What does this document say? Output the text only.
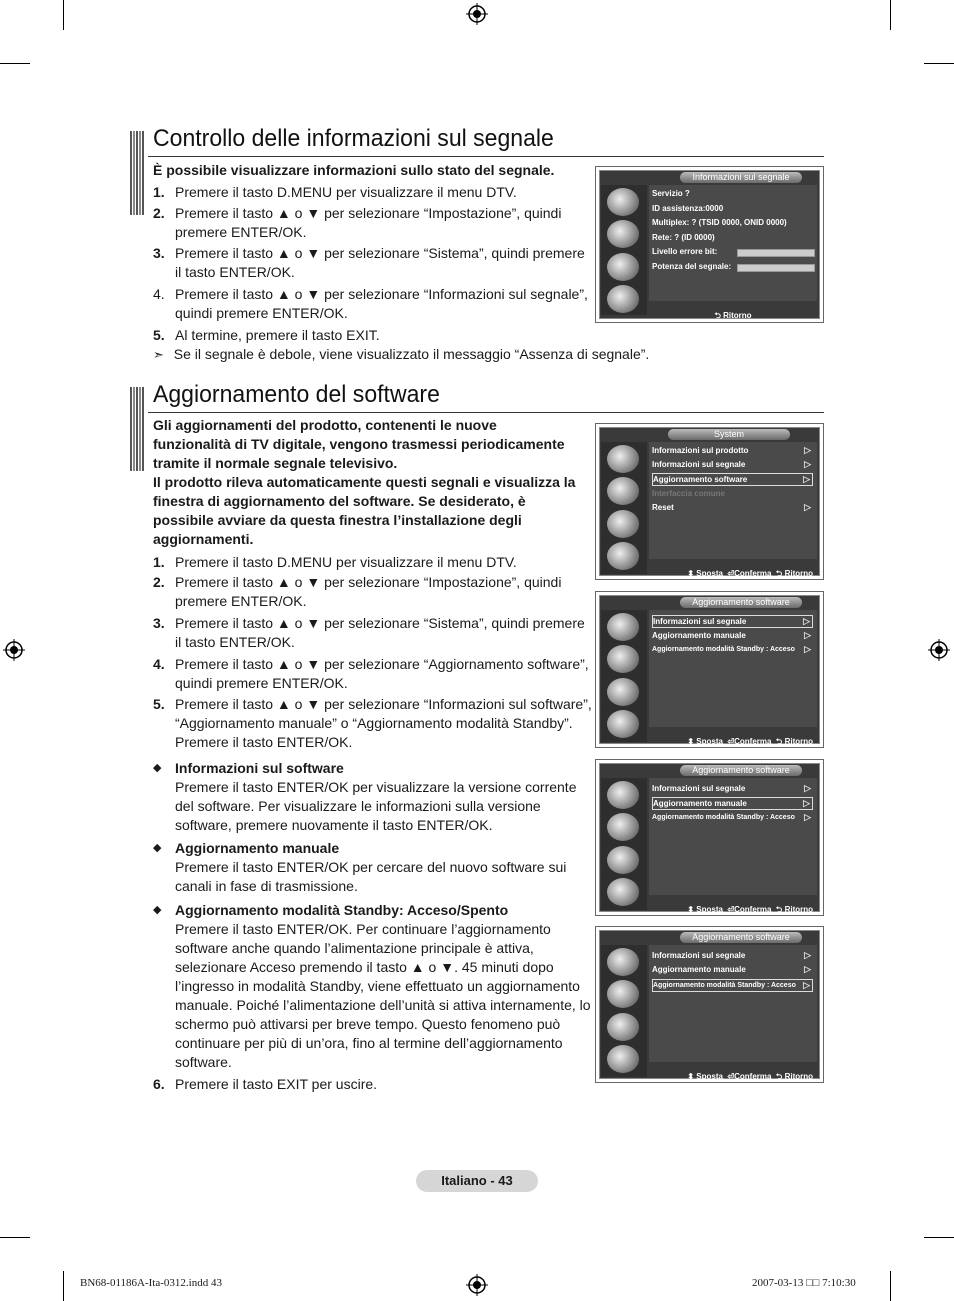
Controllo delle informazioni sul segnale
È possibile visualizzare informazioni sullo stato del segnale.
1. Premere il tasto D.MENU per visualizzare il menu DTV.
2. Premere il tasto ▲ o ▼ per selezionare “Impostazione”, quindi premere ENTER/OK.
3. Premere il tasto ▲ o ▼ per selezionare “Sistema”, quindi premere il tasto ENTER/OK.
4. Premere il tasto ▲ o ▼ per selezionare “Informazioni sul segnale”, quindi premere ENTER/OK.
5. Al termine, premere il tasto EXIT.
➣ Se il segnale è debole, viene visualizzato il messaggio “Assenza di segnale”.
Informazioni sul segnale
Servizio ?
ID assistenza:0000
Multiplex: ? (TSID 0000, ONID 0000)
Rete: ? (ID 0000)
Livello errore bit:
Potenza del segnale:
⮌ Ritorno
Aggiornamento del software
Gli aggiornamenti del prodotto, contenenti le nuove funzionalità di TV digitale, vengono trasmessi periodicamente tramite il normale segnale televisivo.
Il prodotto rileva automaticamente questi segnali e visualizza la finestra di aggiornamento del software. Se desiderato, è possibile avviare da questa finestra l’installazione degli aggiornamenti.
1. Premere il tasto D.MENU per visualizzare il menu DTV.
2. Premere il tasto ▲ o ▼ per selezionare “Impostazione”, quindi premere ENTER/OK.
3. Premere il tasto ▲ o ▼ per selezionare “Sistema”, quindi premere il tasto ENTER/OK.
4. Premere il tasto ▲ o ▼ per selezionare “Aggiornamento software”, quindi premere ENTER/OK.
5. Premere il tasto ▲ o ▼ per selezionare “Informazioni sul software”, “Aggiornamento manuale” o “Aggiornamento modalità Standby”. Premere il tasto ENTER/OK.
◆ Informazioni sul software
Premere il tasto ENTER/OK per visualizzare la versione corrente del software. Per visualizzare le informazioni sulla versione software, premere nuovamente il tasto ENTER/OK.
◆ Aggiornamento manuale
Premere il tasto ENTER/OK per cercare del nuovo software sui canali in fase di trasmissione.
◆ Aggiornamento modalità Standby: Acceso/Spento
Premere il tasto ENTER/OK. Per continuare l’aggiornamento software anche quando l’alimentazione principale è attiva, selezionare Acceso premendo il tasto ▲ o ▼. 45 minuti dopo l’ingresso in modalità Standby, viene effettuato un aggiornamento manuale. Poiché l’alimentazione dell’unità si attiva internamente, lo schermo può attivarsi per breve tempo. Questo fenomeno può continuare per più di un’ora, fino al termine dell’aggiornamento software.
6. Premere il tasto EXIT per uscire.
System
Informazioni sul prodotto	▷
Informazioni sul segnale	▷
Aggiornamento software	▷
Interfaccia comune
Reset	▷
⬍ Sposta ⏎Conferma ⮌ Ritorno
Aggiornamento software
Informazioni sul segnale	▷
Aggiornamento manuale	▷
Aggiornamento modalità Standby : Acceso ▷
⬍ Sposta ⏎Conferma ⮌ Ritorno
Aggiornamento software
Informazioni sul segnale	▷
Aggiornamento manuale	▷
Aggiornamento modalità Standby : Acceso ▷
⬍ Sposta ⏎Conferma ⮌ Ritorno
Aggiornamento software
Informazioni sul segnale	▷
Aggiornamento manuale	▷
Aggiornamento modalità Standby : Acceso ▷
⬍ Sposta ⏎Conferma ⮌ Ritorno
Italiano - 43
BN68-01186A-Ita-0312.indd 43	2007-03-13 □□ 7:10:30
